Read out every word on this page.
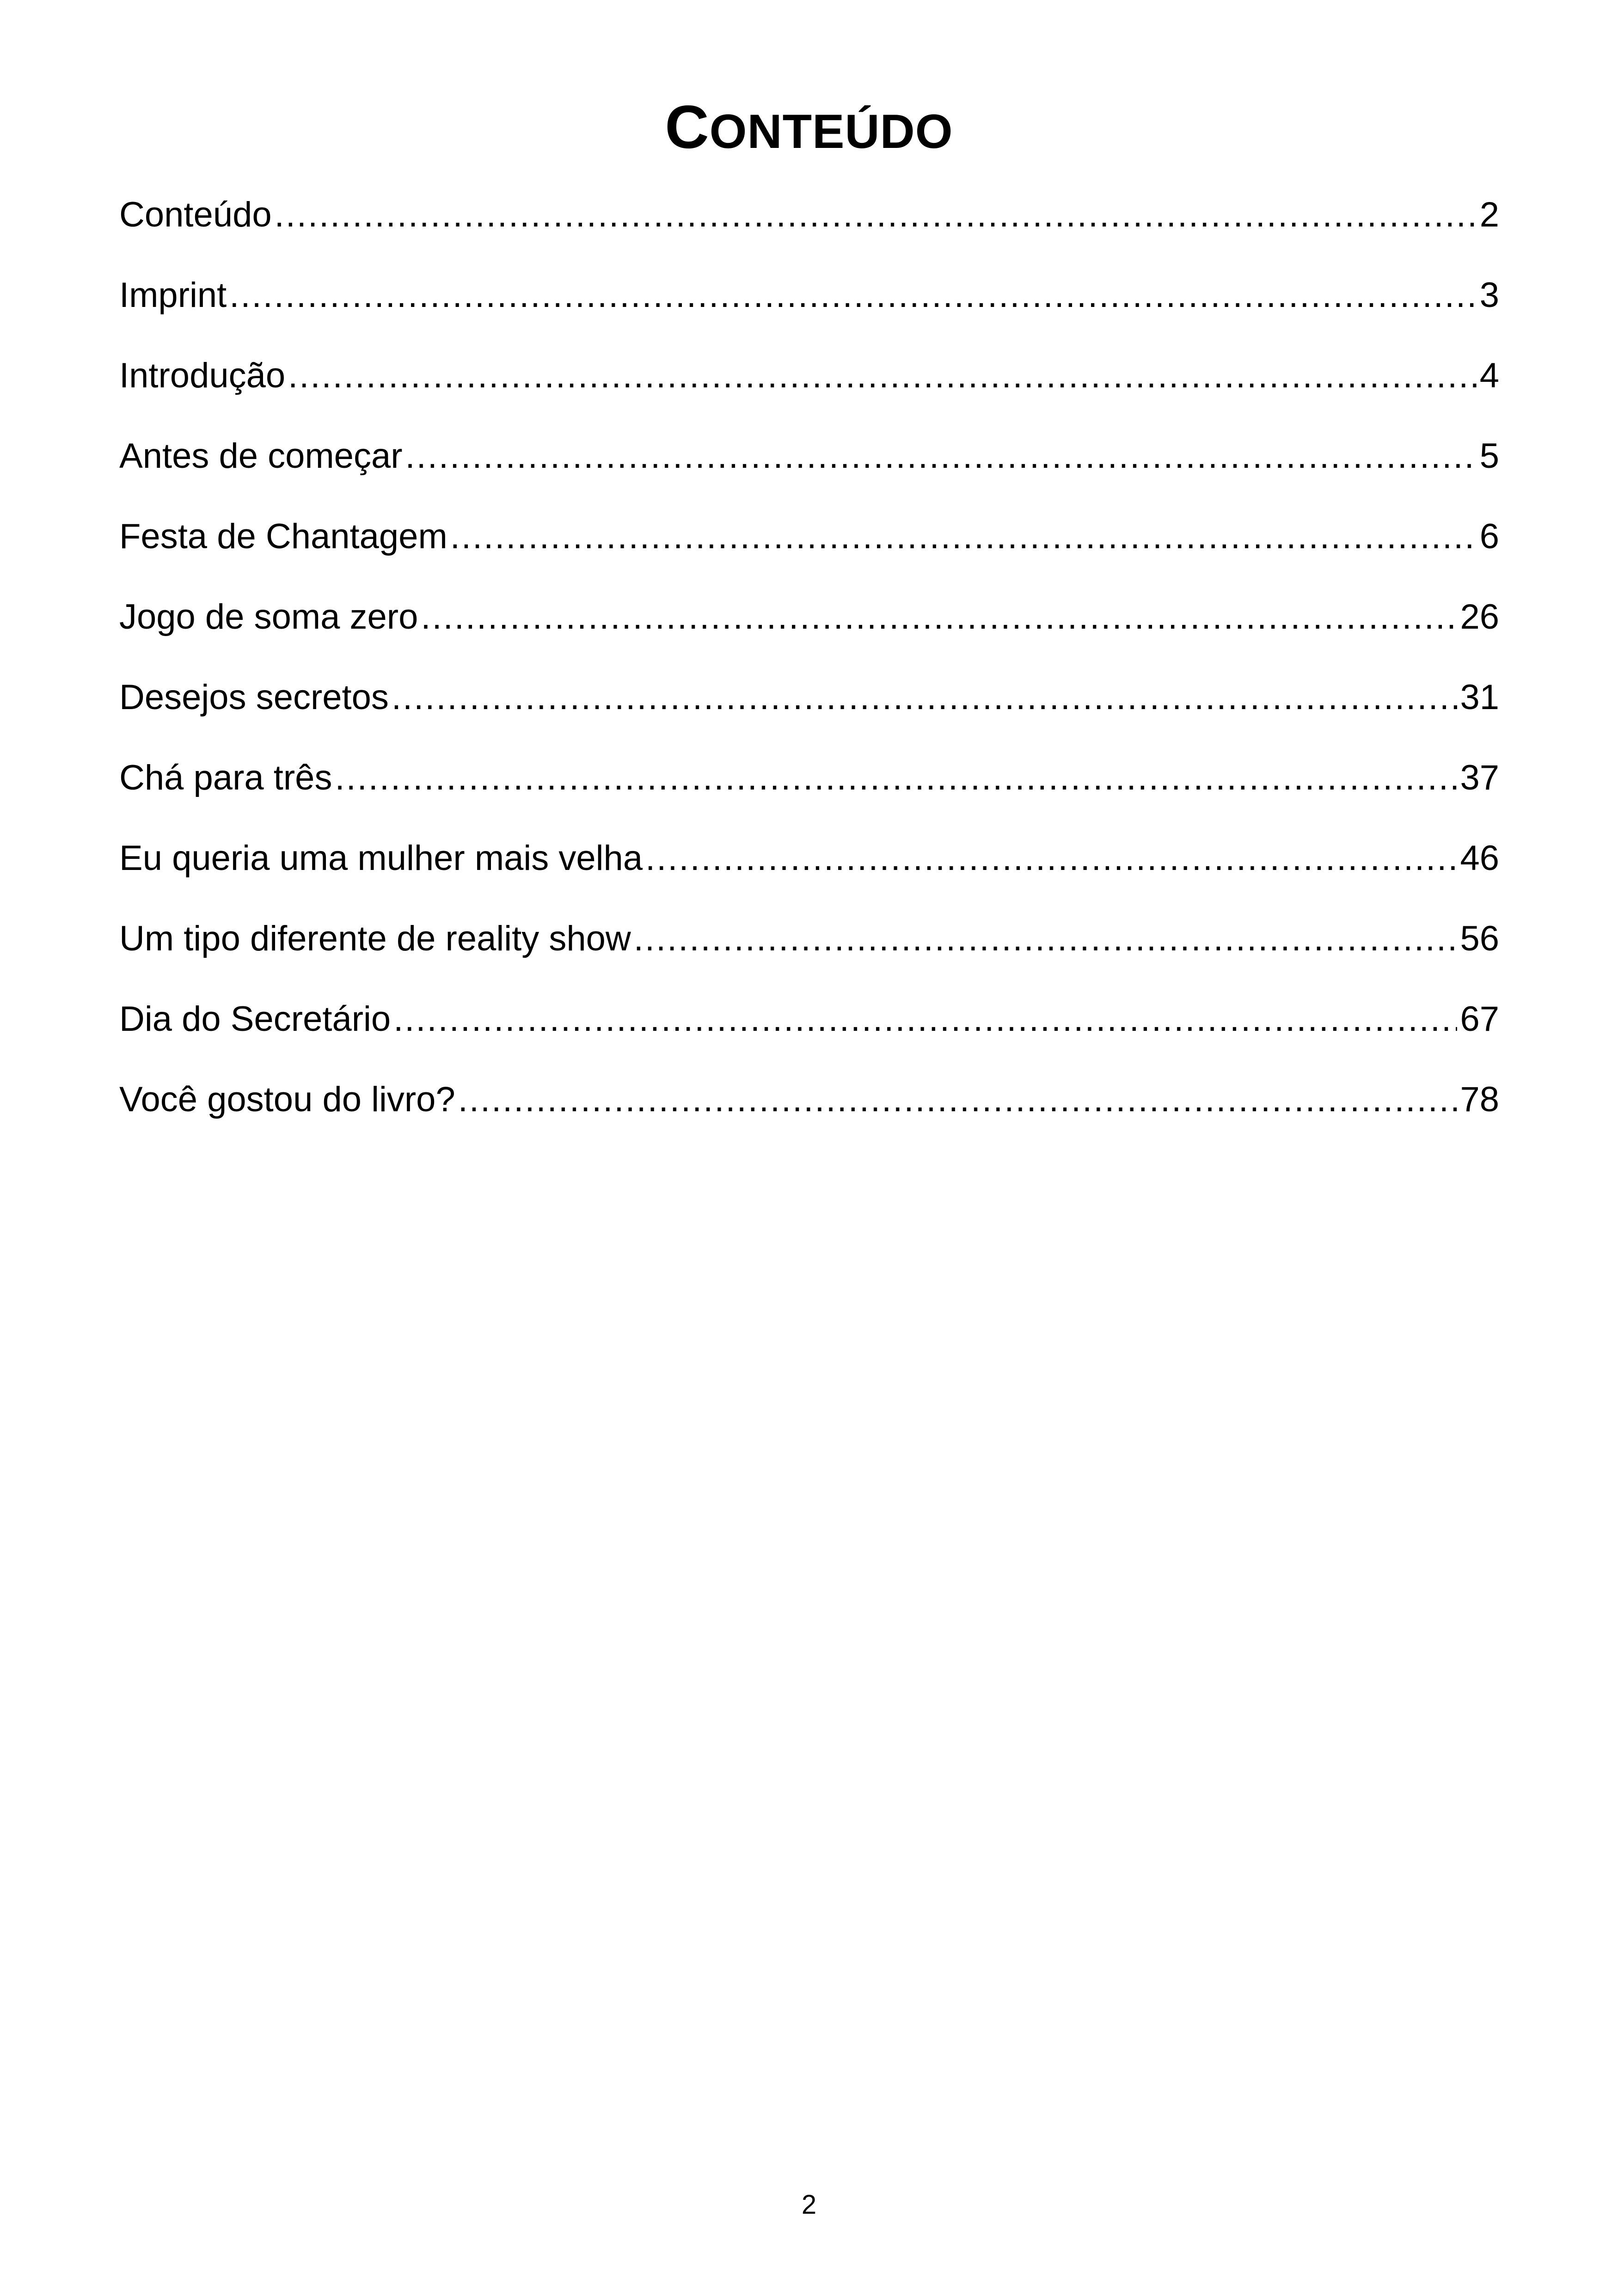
CONTEÚDO
Conteúdo .....	2
Imprint .....	3
Introdução .....	4
Antes de começar .....	5
Festa de Chantagem .....	6
Jogo de soma zero .....	26
Desejos secretos .....	31
Chá para três .....	37
Eu queria uma mulher mais velha .....	46
Um tipo diferente de reality show .....	56
Dia do Secretário .....	67
Você gostou do livro? .....	78
2
